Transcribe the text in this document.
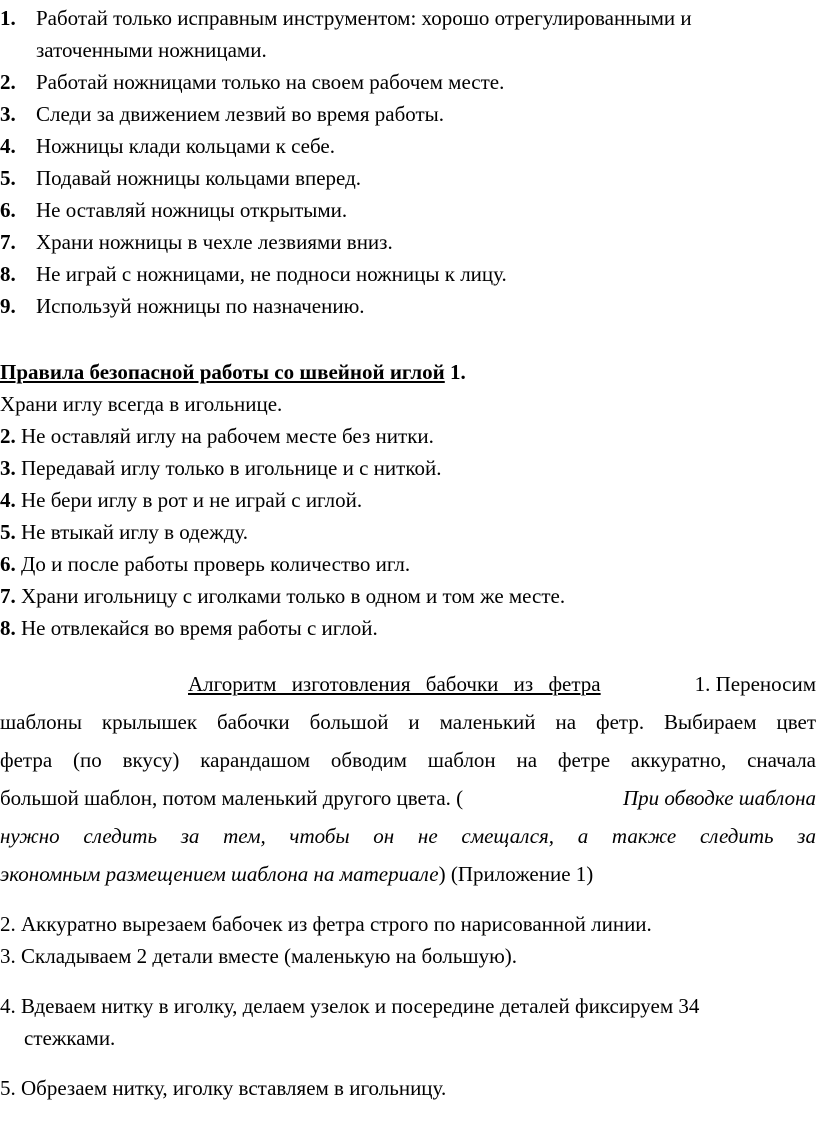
1. Работай только исправным инструментом: хорошо отрегулированными и
заточенными ножницами.
2. Работай ножницами только на своем рабочем месте.
3. Следи за движением лезвий во время работы.
4. Ножницы клади кольцами к себе.
5. Подавай ножницы кольцами вперед.
6. Не оставляй ножницы открытыми.
7. Храни ножницы в чехле лезвиями вниз.
8. Не играй с ножницами, не подноси ножницы к лицу.
9. Используй ножницы по назначению.
Правила безопасной работы со швейной иглой 1.
Храни иглу всегда в игольнице.
2. Не оставляй иглу на рабочем месте без нитки.
3. Передавай иглу только в игольнице и с ниткой.
4. Не бери иглу в рот и не играй с иглой.
5. Не втыкай иглу в одежду.
6. До и после работы проверь количество игл.
7. Храни игольницу с иголками только в одном и том же месте.
8. Не отвлекайся во время работы с иглой.
Алгоритм изготовления бабочки из фетра	1. Переносим
шаблоны крылышек бабочки большой и маленький на фетр. Выбираем цвет
фетра (по вкусу) карандашом обводим шаблон на фетре аккуратно, сначала
большой шаблон, потом маленький другого цвета. (	При обводке шаблона
нужно следить за тем, чтобы он не смещался, а также следить за
экономным размещением шаблона на материале) (Приложение 1)
2. Аккуратно вырезаем бабочек из фетра строго по нарисованной линии.
3. Складываем 2 детали вместе (маленькую на большую).
4. Вдеваем нитку в иголку, делаем узелок и посередине деталей фиксируем 34
стежками.
5. Обрезаем нитку, иголку вставляем в игольницу.
